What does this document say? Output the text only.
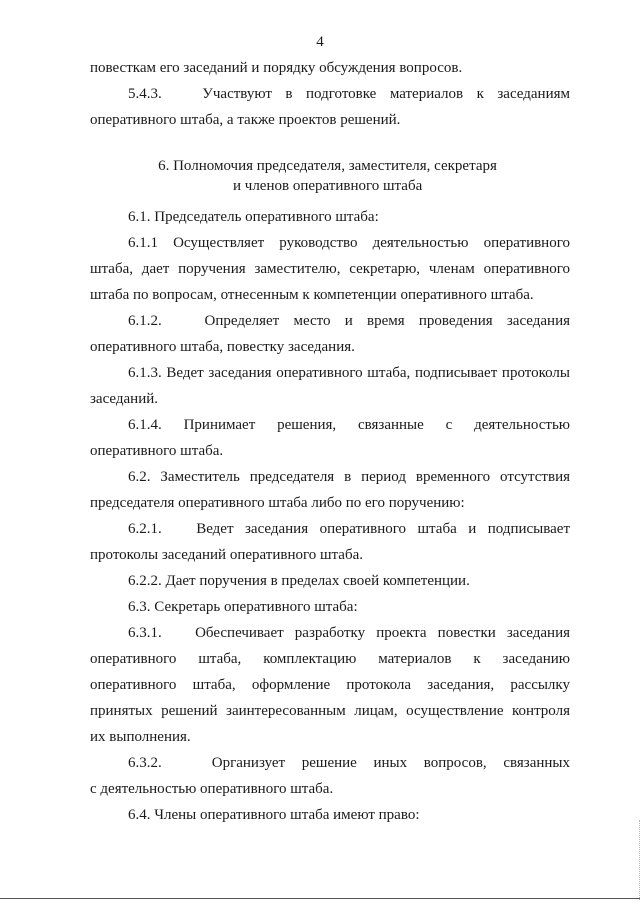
4
повесткам его заседаний и порядку обсуждения вопросов.
5.4.3.   Участвуют в подготовке материалов к заседаниям
оперативного штаба, а также проектов решений.
6. Полномочия председателя, заместителя, секретаря
и членов оперативного штаба
6.1. Председатель оперативного штаба:
6.1.1 Осуществляет руководство деятельностью оперативного
штаба, дает поручения заместителю, секретарю, членам оперативного
штаба по вопросам, отнесенным к компетенции оперативного штаба.
6.1.2.   Определяет место и время проведения заседания
оперативного штаба, повестку заседания.
6.1.3. Ведет заседания оперативного штаба, подписывает протоколы
заседаний.
6.1.4. Принимает решения, связанные с деятельностью
оперативного штаба.
6.2. Заместитель председателя в период временного отсутствия
председателя оперативного штаба либо по его поручению:
6.2.1.   Ведет заседания оперативного штаба и подписывает
протоколы заседаний оперативного штаба.
6.2.2. Дает поручения в пределах своей компетенции.
6.3. Секретарь оперативного штаба:
6.3.1.   Обеспечивает разработку проекта повестки заседания
оперативного штаба, комплектацию материалов к заседанию
оперативного штаба, оформление протокола заседания, рассылку
принятых решений заинтересованным лицам, осуществление контроля
их выполнения.
6.3.2.   Организует решение иных вопросов, связанных
с деятельностью оперативного штаба.
6.4. Члены оперативного штаба имеют право:
